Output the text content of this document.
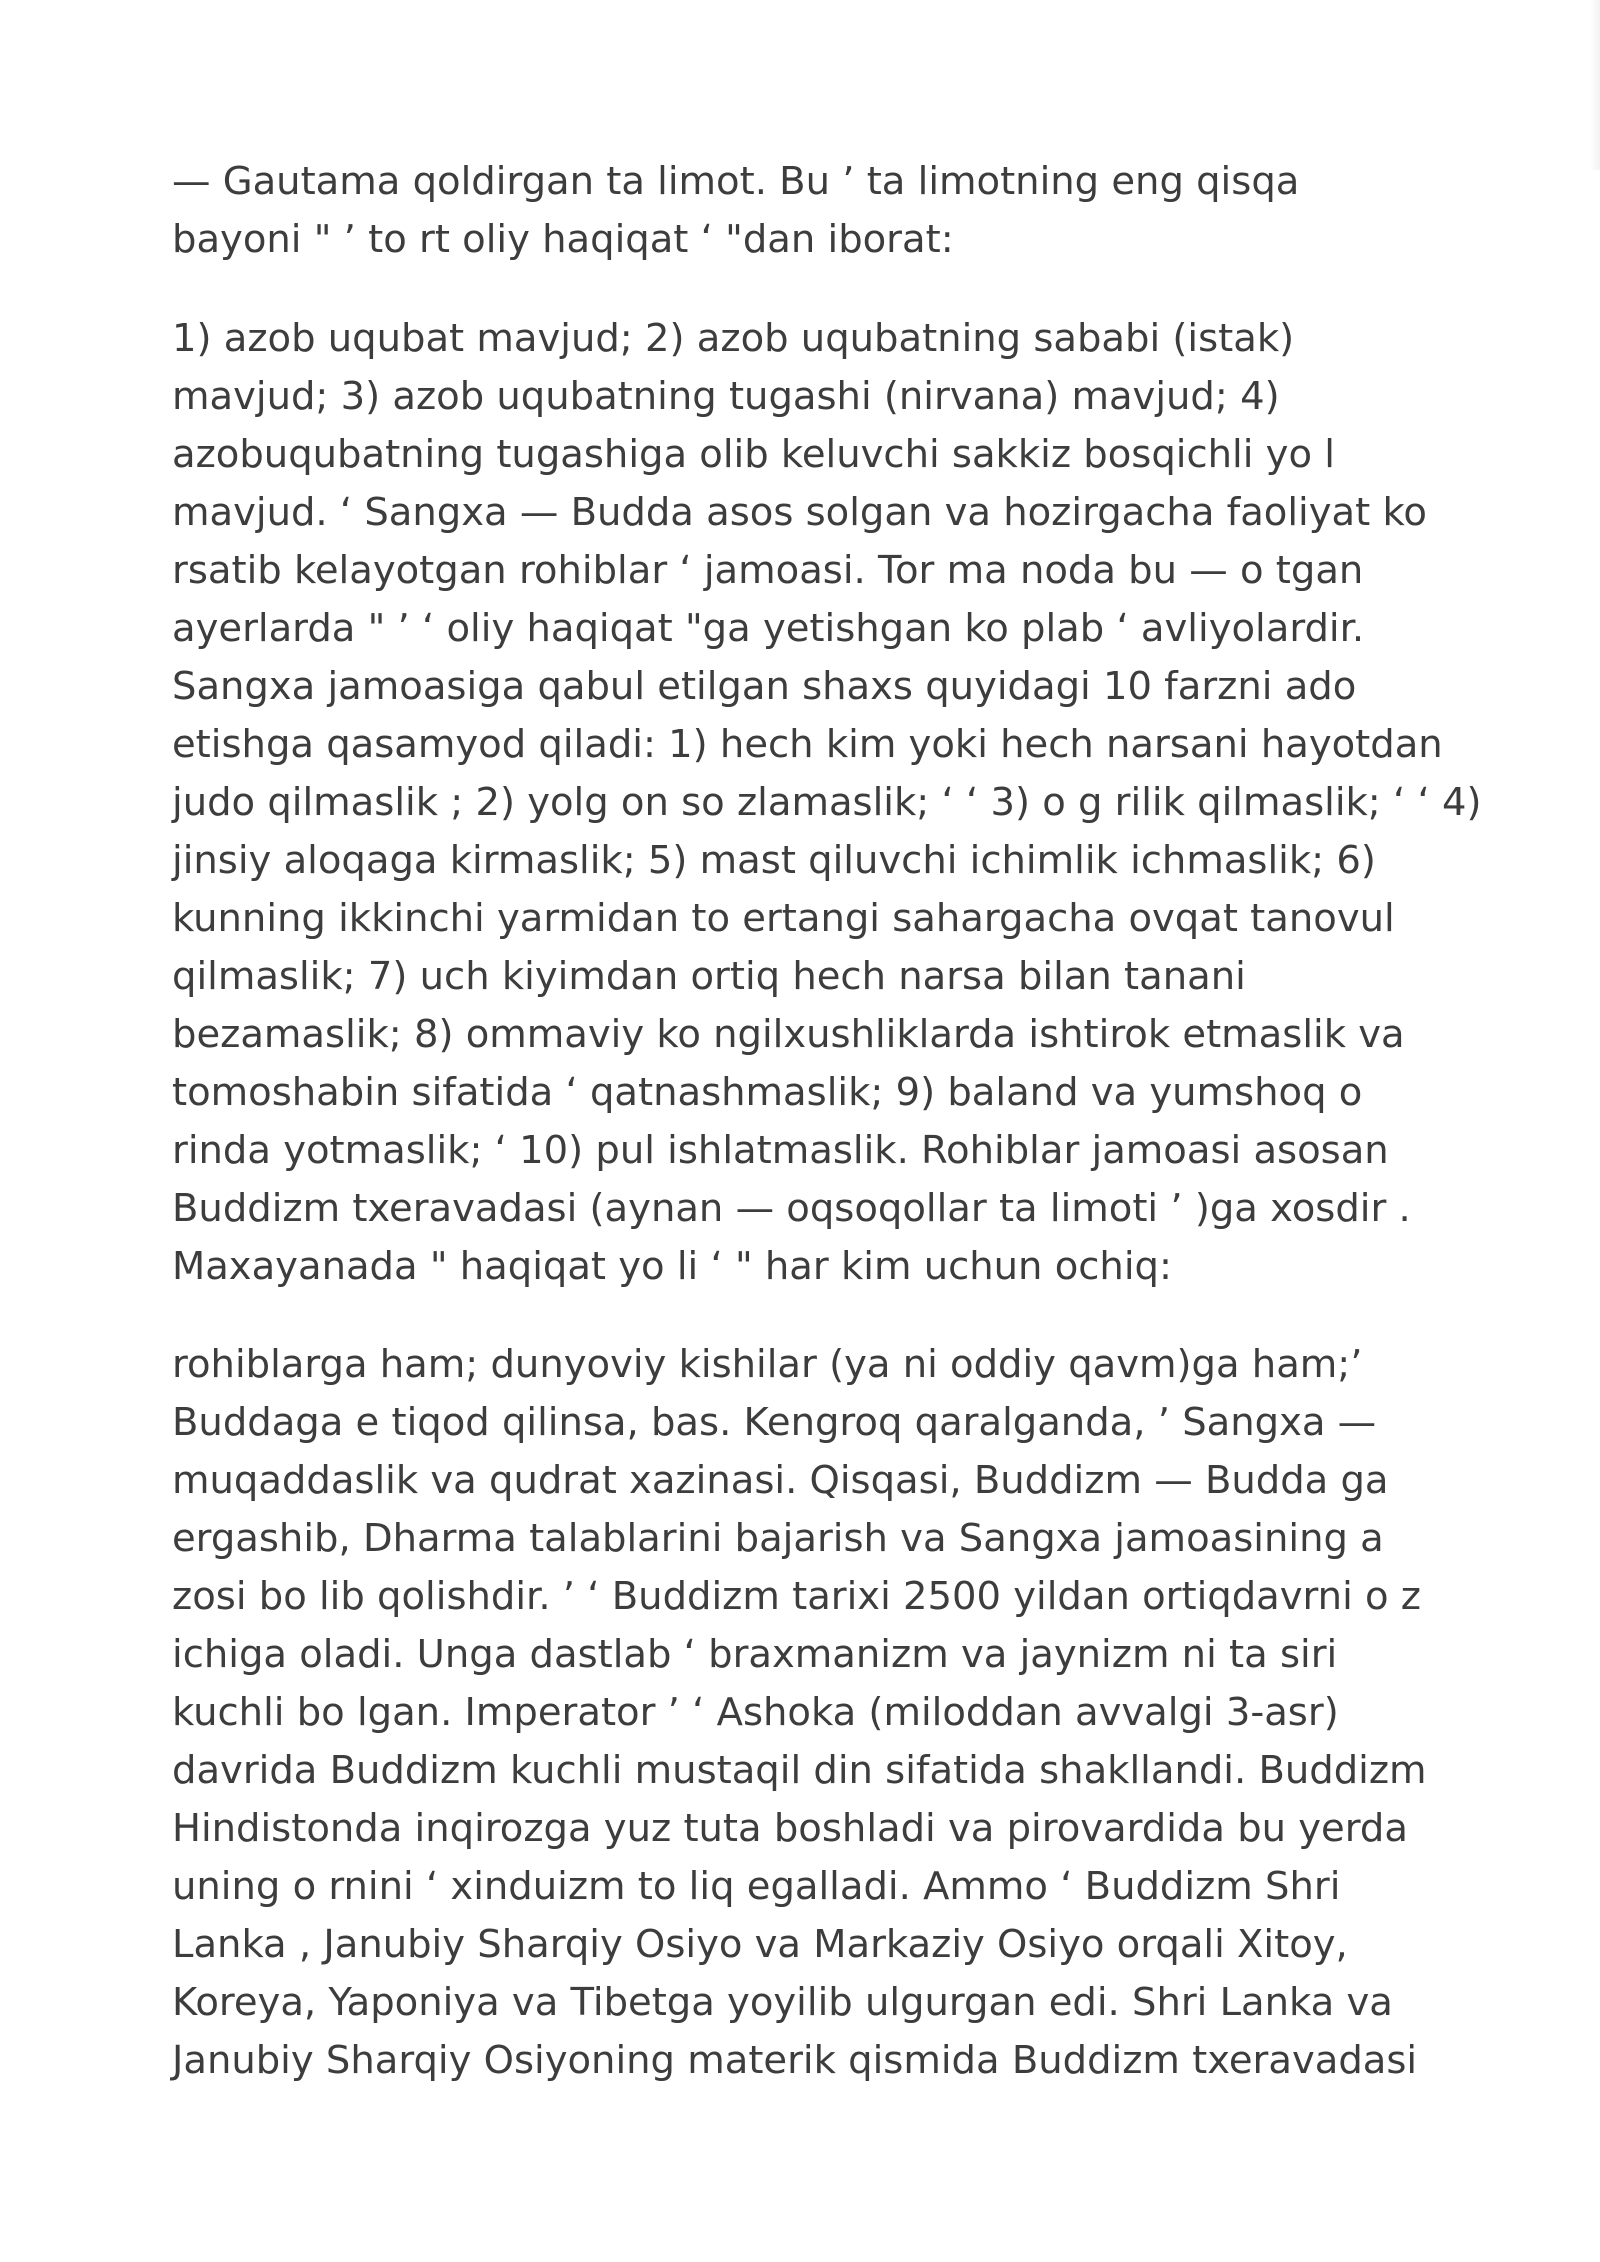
— Gautama qoldirgan ta limot. Bu ’ ta limotning eng qisqa
bayoni " ’ to rt oliy haqiqat ‘ "dan iborat:

1) azob uqubat mavjud; 2) azob uqubatning sababi (istak)
mavjud; 3) azob uqubatning tugashi (nirvana) mavjud; 4)
azobuqubatning tugashiga olib keluvchi sakkiz bosqichli yo l
mavjud. ‘ Sangxa — Budda asos solgan va hozirgacha faoliyat ko
rsatib kelayotgan rohiblar ‘ jamoasi. Tor ma noda bu — o tgan
ayerlarda " ’ ‘ oliy haqiqat "ga yetishgan ko plab ‘ avliyolardir.
Sangxa jamoasiga qabul etilgan shaxs quyidagi 10 farzni ado
etishga qasamyod qiladi: 1) hech kim yoki hech narsani hayotdan
judo qilmaslik ; 2) yolg on so zlamaslik; ‘ ‘ 3) o g rilik qilmaslik; ‘ ‘ 4)
jinsiy aloqaga kirmaslik; 5) mast qiluvchi ichimlik ichmaslik; 6)
kunning ikkinchi yarmidan to ertangi sahargacha ovqat tanovul
qilmaslik; 7) uch kiyimdan ortiq hech narsa bilan tanani
bezamaslik; 8) ommaviy ko ngilxushliklarda ishtirok etmaslik va
tomoshabin sifatida ‘ qatnashmaslik; 9) baland va yumshoq o
rinda yotmaslik; ‘ 10) pul ishlatmaslik. Rohiblar jamoasi asosan
Buddizm txeravadasi (aynan — oqsoqollar ta limoti ’ )ga xosdir .
Maxayanada " haqiqat yo li ‘ " har kim uchun ochiq:

rohiblarga ham; dunyoviy kishilar (ya ni oddiy qavm)ga ham;’
Buddaga e tiqod qilinsa, bas. Kengroq qaralganda, ’ Sangxa —
muqaddaslik va qudrat xazinasi. Qisqasi, Buddizm — Budda ga
ergashib, Dharma talablarini bajarish va Sangxa jamoasining a
zosi bo lib qolishdir. ’ ‘ Buddizm tarixi 2500 yildan ortiqdavrni o z
ichiga oladi. Unga dastlab ‘ braxmanizm va jaynizm ni ta siri
kuchli bo lgan. Imperator ’ ‘ Ashoka (miloddan avvalgi 3-asr)
davrida Buddizm kuchli mustaqil din sifatida shakllandi. Buddizm
Hindistonda inqirozga yuz tuta boshladi va pirovardida bu yerda
uning o rnini ‘ xinduizm to liq egalladi. Ammo ‘ Buddizm Shri
Lanka , Janubiy Sharqiy Osiyo va Markaziy Osiyo orqali Xitoy,
Koreya, Yaponiya va Tibetga yoyilib ulgurgan edi. Shri Lanka va
Janubiy Sharqiy Osiyoning materik qismida Buddizm txeravadasi
